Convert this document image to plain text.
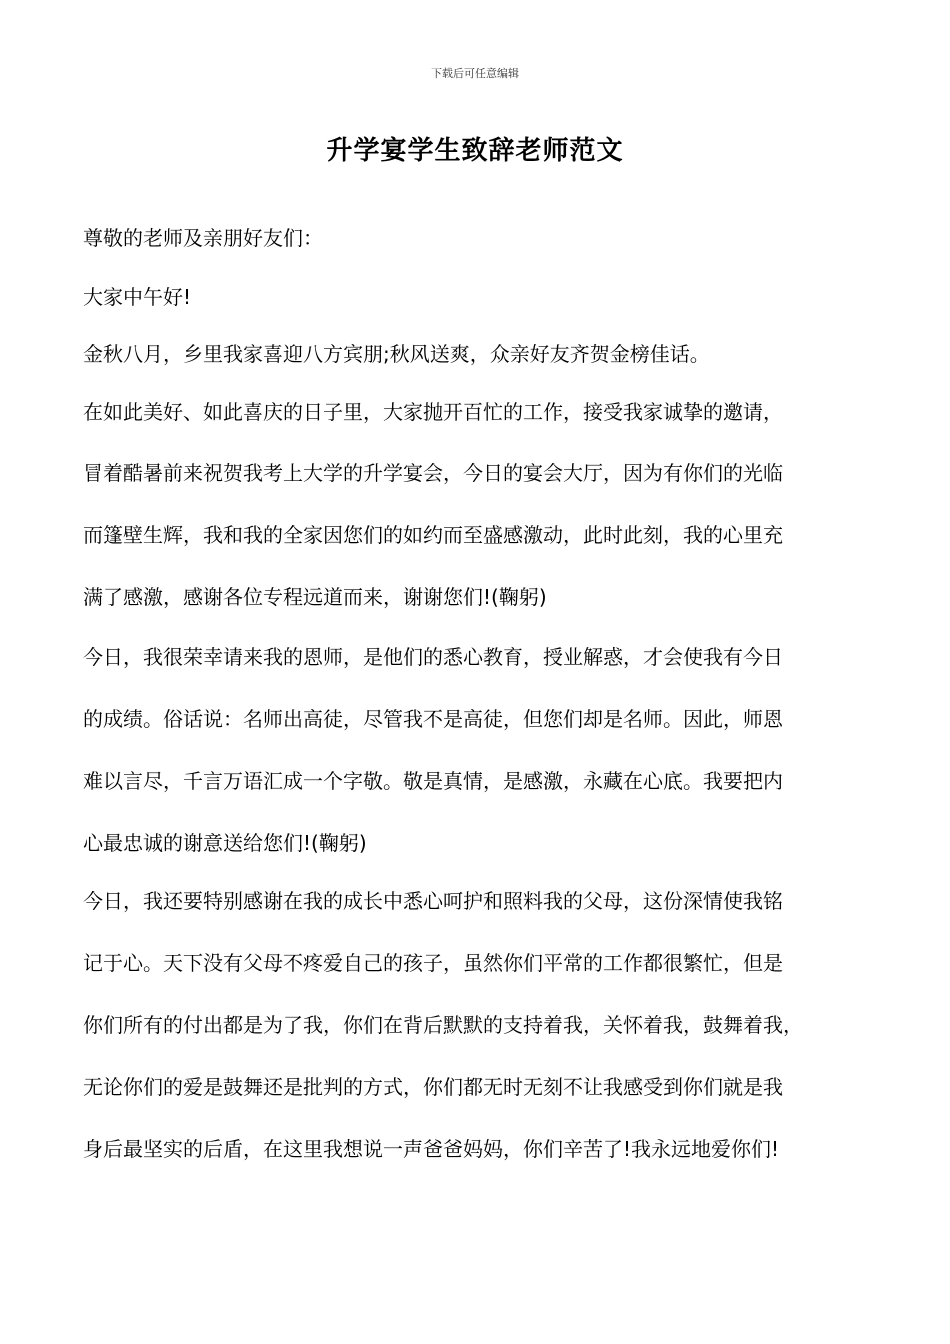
下载后可任意编辑
升学宴学生致辞老师范文
尊敬的老师及亲朋好友们：
大家中午好!
金秋八月，乡里我家喜迎八方宾朋;秋风送爽，众亲好友齐贺金榜佳话。
在如此美好、如此喜庆的日子里，大家抛开百忙的工作，接受我家诚挚的邀请，
冒着酷暑前来祝贺我考上大学的升学宴会，今日的宴会大厅，因为有你们的光临
而篷壁生辉，我和我的全家因您们的如约而至盛感激动，此时此刻，我的心里充
满了感激，感谢各位专程远道而来，谢谢您们!(鞠躬)
今日，我很荣幸请来我的恩师，是他们的悉心教育，授业解惑，才会使我有今日
的成绩。俗话说：名师出高徒，尽管我不是高徒，但您们却是名师。因此，师恩
难以言尽，千言万语汇成一个字敬。敬是真情，是感激，永藏在心底。我要把内
心最忠诚的谢意送给您们!(鞠躬)
今日，我还要特别感谢在我的成长中悉心呵护和照料我的父母，这份深情使我铭
记于心。天下没有父母不疼爱自己的孩子，虽然你们平常的工作都很繁忙，但是
你们所有的付出都是为了我，你们在背后默默的支持着我，关怀着我，鼓舞着我，
无论你们的爱是鼓舞还是批判的方式，你们都无时无刻不让我感受到你们就是我
身后最坚实的后盾，在这里我想说一声爸爸妈妈，你们辛苦了!我永远地爱你们!
